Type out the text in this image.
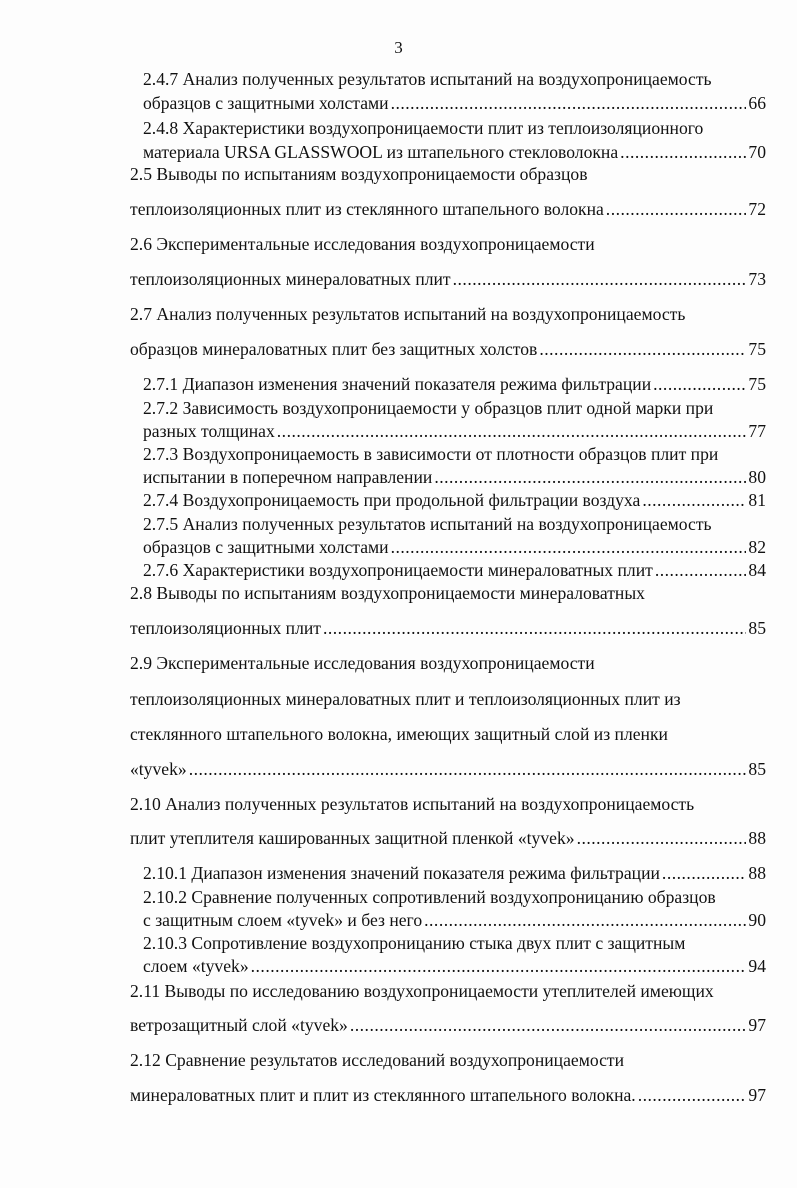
3
2.4.7 Анализ полученных результатов испытаний на воздухопроницаемость
образцов с защитными холстами .....	66
2.4.8 Характеристики воздухопроницаемости плит из теплоизоляционного
материала URSA GLASSWOOL из штапельного стекловолокна .....	70
2.5 Выводы по испытаниям воздухопроницаемости образцов
теплоизоляционных плит из стеклянного штапельного волокна .....	72
2.6 Экспериментальные исследования воздухопроницаемости
теплоизоляционных минераловатных плит .....	73
2.7 Анализ полученных результатов испытаний на воздухопроницаемость
образцов минераловатных плит без защитных холстов .....	75
2.7.1 Диапазон изменения значений показателя режима фильтрации .....	75
2.7.2 Зависимость воздухопроницаемости у образцов плит одной марки при
разных толщинах .....	77
2.7.3 Воздухопроницаемость в зависимости от плотности образцов плит при
испытании в поперечном направлении .....	80
2.7.4 Воздухопроницаемость при продольной фильтрации воздуха .....	81
2.7.5 Анализ полученных результатов испытаний на воздухопроницаемость
образцов с защитными холстами .....	82
2.7.6 Характеристики воздухопроницаемости минераловатных плит .....	84
2.8 Выводы по испытаниям воздухопроницаемости минераловатных
теплоизоляционных плит .....	85
2.9 Экспериментальные исследования воздухопроницаемости
теплоизоляционных минераловатных плит и теплоизоляционных плит из
стеклянного штапельного волокна, имеющих защитный слой из пленки
«tyvek» .....	85
2.10 Анализ полученных результатов испытаний на воздухопроницаемость
плит утеплителя кашированных защитной пленкой «tyvek» .....	88
2.10.1 Диапазон изменения значений показателя режима фильтрации .....	88
2.10.2 Сравнение полученных сопротивлений воздухопроницанию образцов
с защитным слоем «tyvek» и без него .....	90
2.10.3 Сопротивление воздухопроницанию стыка двух плит с защитным
слоем «tyvek» .....	94
2.11 Выводы по исследованию воздухопроницаемости утеплителей имеющих
ветрозащитный слой «tyvek» .....	97
2.12 Сравнение результатов исследований воздухопроницаемости
минераловатных плит и плит из стеклянного штапельного волокна. .....	97
